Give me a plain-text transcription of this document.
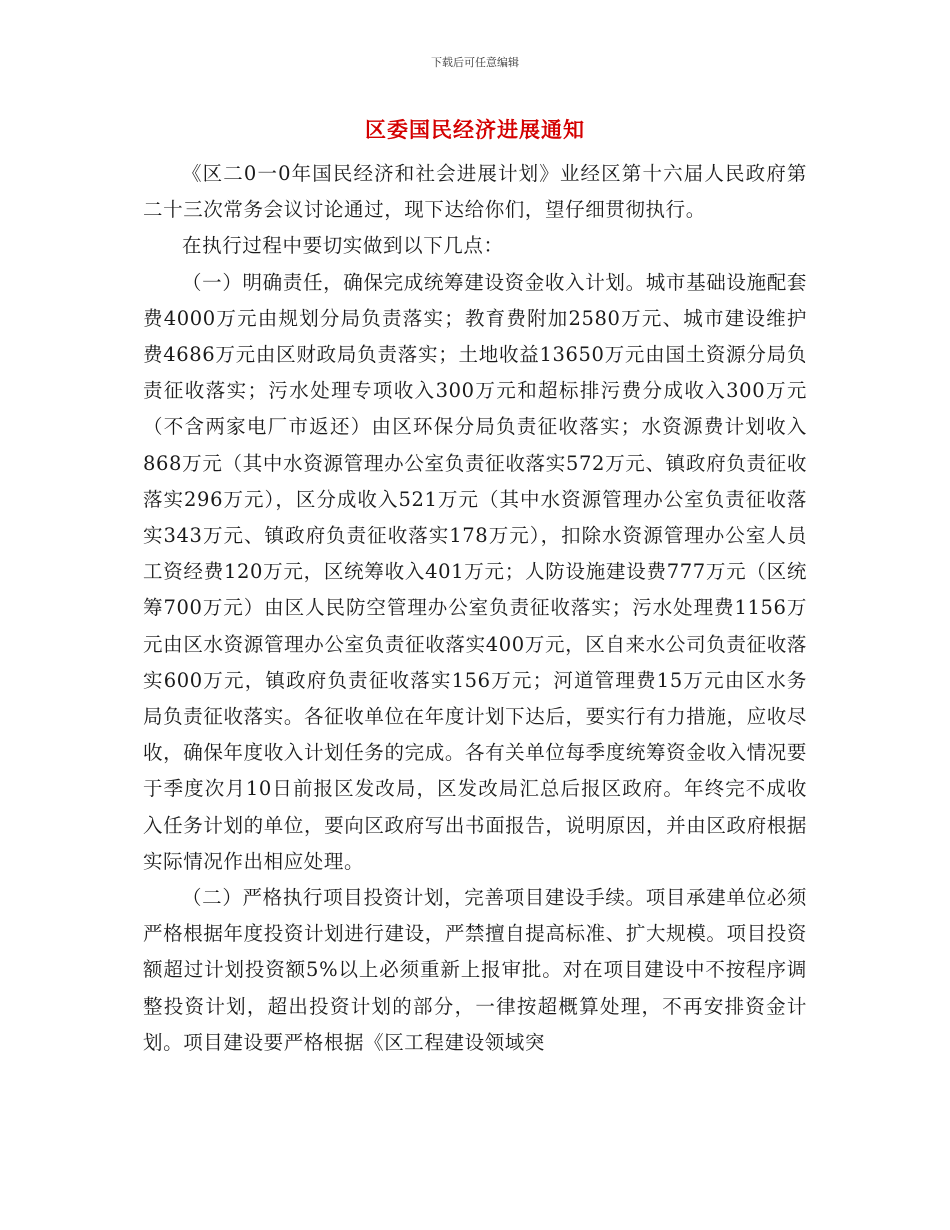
下载后可任意编辑
区委国民经济进展通知

《区二0一0年国民经济和社会进展计划》业经区第十六届人民政府第二十三次常务会议讨论通过，现下达给你们，望仔细贯彻执行。

在执行过程中要切实做到以下几点：

（一）明确责任，确保完成统筹建设资金收入计划。城市基础设施配套费4000万元由规划分局负责落实；教育费附加2580万元、城市建设维护费4686万元由区财政局负责落实；土地收益13650万元由国土资源分局负责征收落实；污水处理专项收入300万元和超标排污费分成收入300万元（不含两家电厂市返还）由区环保分局负责征收落实；水资源费计划收入868万元（其中水资源管理办公室负责征收落实572万元、镇政府负责征收落实296万元），区分成收入521万元（其中水资源管理办公室负责征收落实343万元、镇政府负责征收落实178万元），扣除水资源管理办公室人员工资经费120万元，区统筹收入401万元；人防设施建设费777万元（区统筹700万元）由区人民防空管理办公室负责征收落实；污水处理费1156万元由区水资源管理办公室负责征收落实400万元，区自来水公司负责征收落实600万元，镇政府负责征收落实156万元；河道管理费15万元由区水务局负责征收落实。各征收单位在年度计划下达后，要实行有力措施，应收尽收，确保年度收入计划任务的完成。各有关单位每季度统筹资金收入情况要于季度次月10日前报区发改局，区发改局汇总后报区政府。年终完不成收入任务计划的单位，要向区政府写出书面报告，说明原因，并由区政府根据实际情况作出相应处理。

（二）严格执行项目投资计划，完善项目建设手续。项目承建单位必须严格根据年度投资计划进行建设，严禁擅自提高标准、扩大规模。项目投资额超过计划投资额5%以上必须重新上报审批。对在项目建设中不按程序调整投资计划，超出投资计划的部分，一律按超概算处理，不再安排资金计划。项目建设要严格根据《区工程建设领域突
